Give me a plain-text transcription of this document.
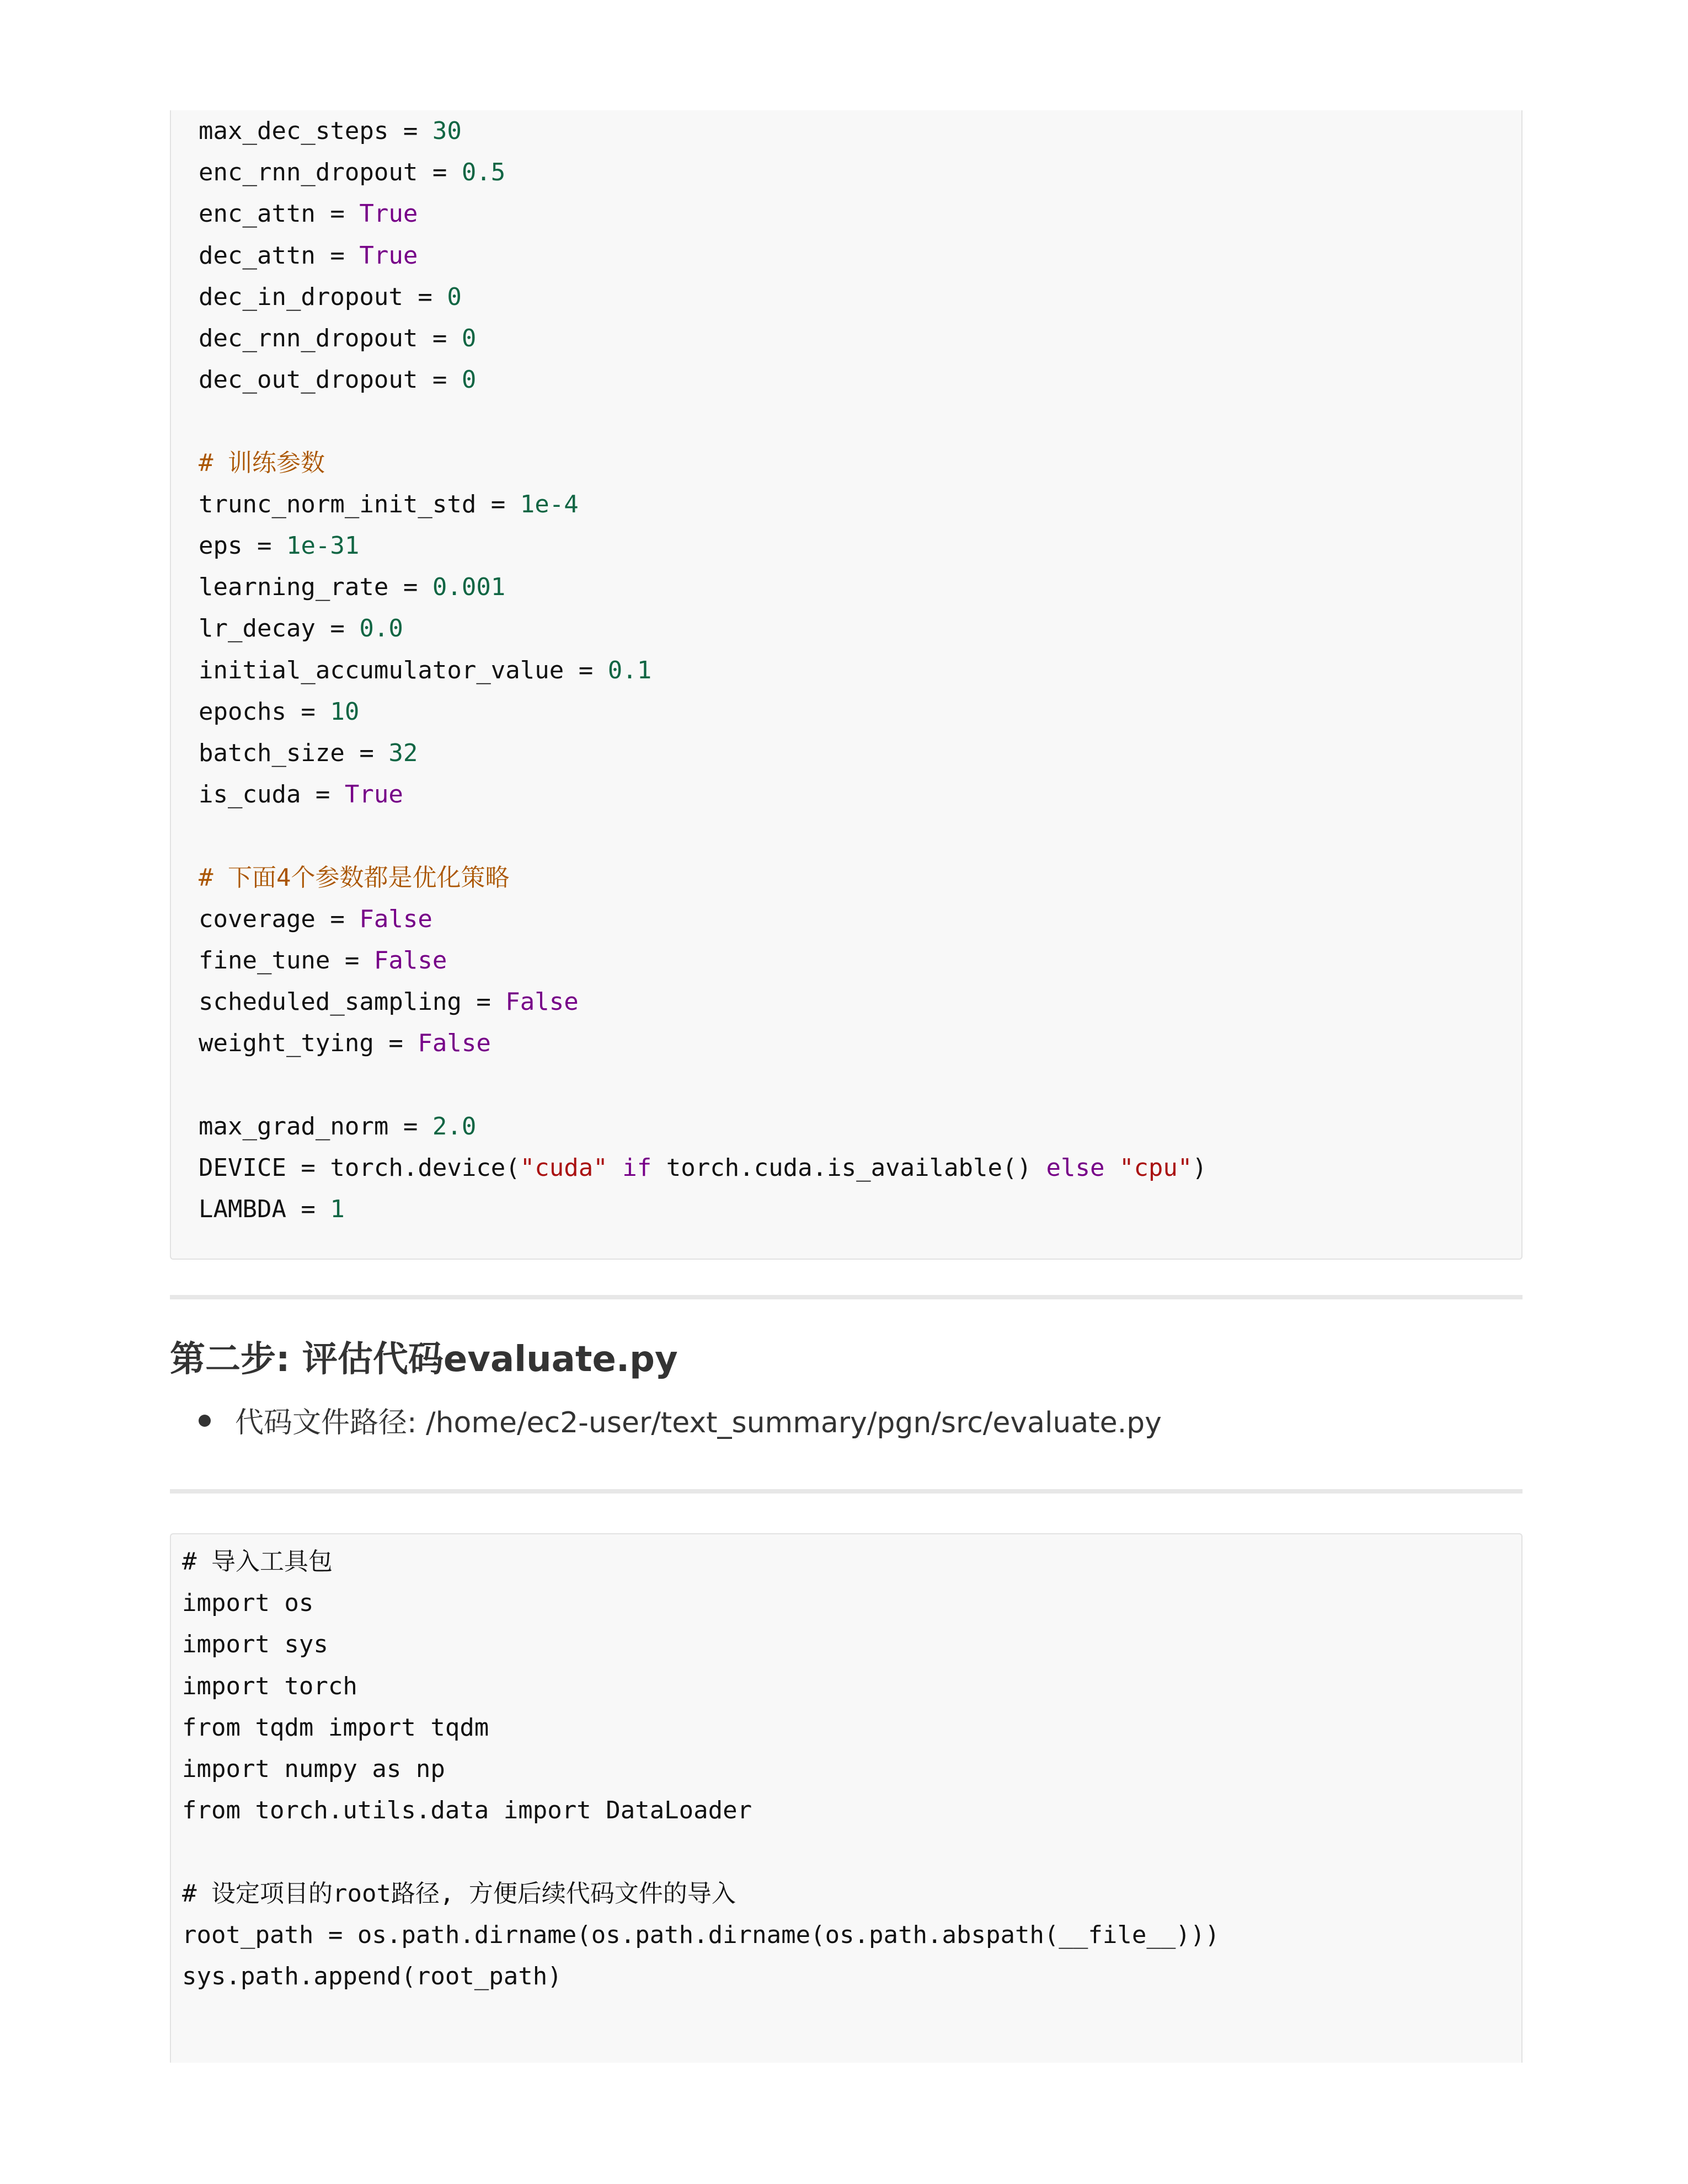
max_dec_steps = 30
enc_rnn_dropout = 0.5
enc_attn = True
dec_attn = True
dec_in_dropout = 0
dec_rnn_dropout = 0
dec_out_dropout = 0
# 训练参数
trunc_norm_init_std = 1e-4
eps = 1e-31
learning_rate = 0.001
lr_decay = 0.0
initial_accumulator_value = 0.1
epochs = 10
batch_size = 32
is_cuda = True
# 下面4个参数都是优化策略
coverage = False
fine_tune = False
scheduled_sampling = False
weight_tying = False
max_grad_norm = 2.0
DEVICE = torch.device("cuda" if torch.cuda.is_available() else "cpu")
LAMBDA = 1
第二步: 评估代码evaluate.py
代码文件路径: /home/ec2-user/text_summary/pgn/src/evaluate.py
# 导入工具包
import os
import sys
import torch
from tqdm import tqdm
import numpy as np
from torch.utils.data import DataLoader
# 设定项目的root路径, 方便后续代码文件的导入
root_path = os.path.dirname(os.path.dirname(os.path.abspath(__file__)))
sys.path.append(root_path)
